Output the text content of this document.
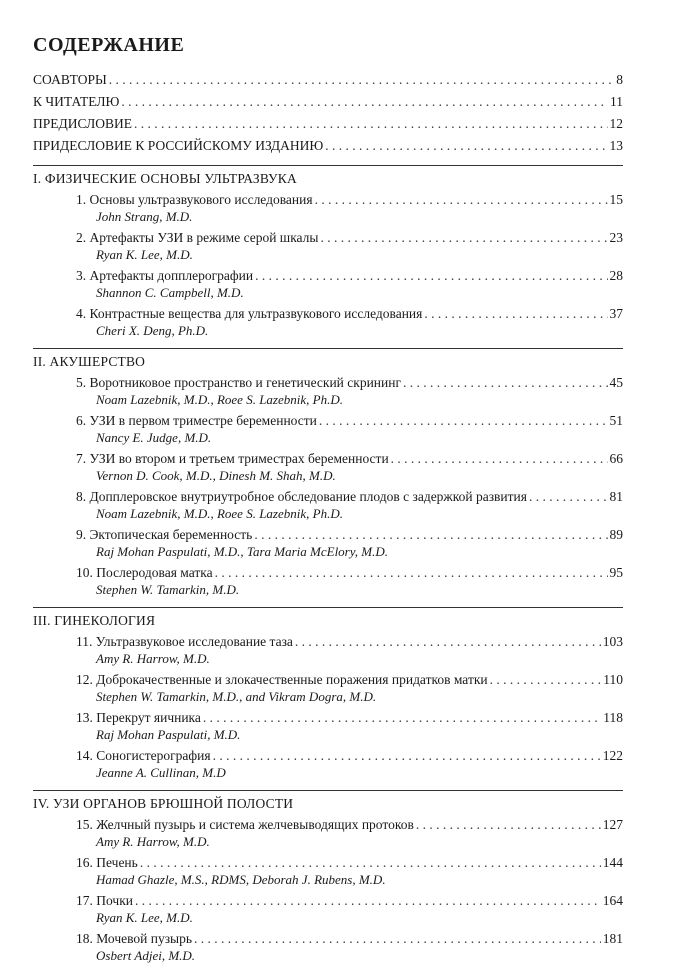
СОДЕРЖАНИЕ
СОАВТОРЫ . . .	8
К ЧИТАТЕЛЮ . . .	11
ПРЕДИСЛОВИЕ . . .	12
ПРИДЕСЛОВИЕ К РОССИЙСКОМУ ИЗДАНИЮ . . .	13
I. ФИЗИЧЕСКИЕ ОСНОВЫ УЛЬТРАЗВУКА
1. Основы ультразвукового исследования . . .	15
John Strang, M.D.
2. Артефакты УЗИ в режиме серой шкалы . . .	23
Ryan K. Lee, M.D.
3. Артефакты допплерографии . . .	28
Shannon C. Campbell, M.D.
4. Контрастные вещества для ультразвукового исследования . . .	37
Cheri X. Deng, Ph.D.
II. АКУШЕРСТВО
5. Воротниковое пространство и генетический скрининг . . .	45
Noam Lazebnik, M.D., Roee S. Lazebnik, Ph.D.
6. УЗИ в первом триместре беременности . . .	51
Nancy E. Judge, M.D.
7. УЗИ во втором и третьем триместрах беременности . . .	66
Vernon D. Cook, M.D., Dinesh M. Shah, M.D.
8. Допплеровское внутриутробное обследование плодов с задержкой развития . . .	81
Noam Lazebnik, M.D., Roee S. Lazebnik, Ph.D.
9. Эктопическая беременность . . .	89
Raj Mohan Paspulati, M.D., Tara Maria McElory, M.D.
10. Послеродовая матка . . .	95
Stephen W. Tamarkin, M.D.
III. ГИНЕКОЛОГИЯ
11. Ультразвуковое исследование таза . . .	103
Amy R. Harrow, M.D.
12. Доброкачественные и злокачественные поражения придатков матки . . .	110
Stephen W. Tamarkin, M.D., and Vikram Dogra, M.D.
13. Перекрут яичника . . .	118
Raj Mohan Paspulati, M.D.
14. Соногистерография . . .	122
Jeanne A. Cullinan, M.D
IV. УЗИ ОРГАНОВ БРЮШНОЙ ПОЛОСТИ
15. Желчный пузырь и система желчевыводящих протоков . . .	127
Amy R. Harrow, M.D.
16. Печень . . .	144
Hamad Ghazle, M.S., RDMS, Deborah J. Rubens, M.D.
17. Почки . . .	164
Ryan K. Lee, M.D.
18. Мочевой пузырь . . .	181
Osbert Adjei, M.D.
